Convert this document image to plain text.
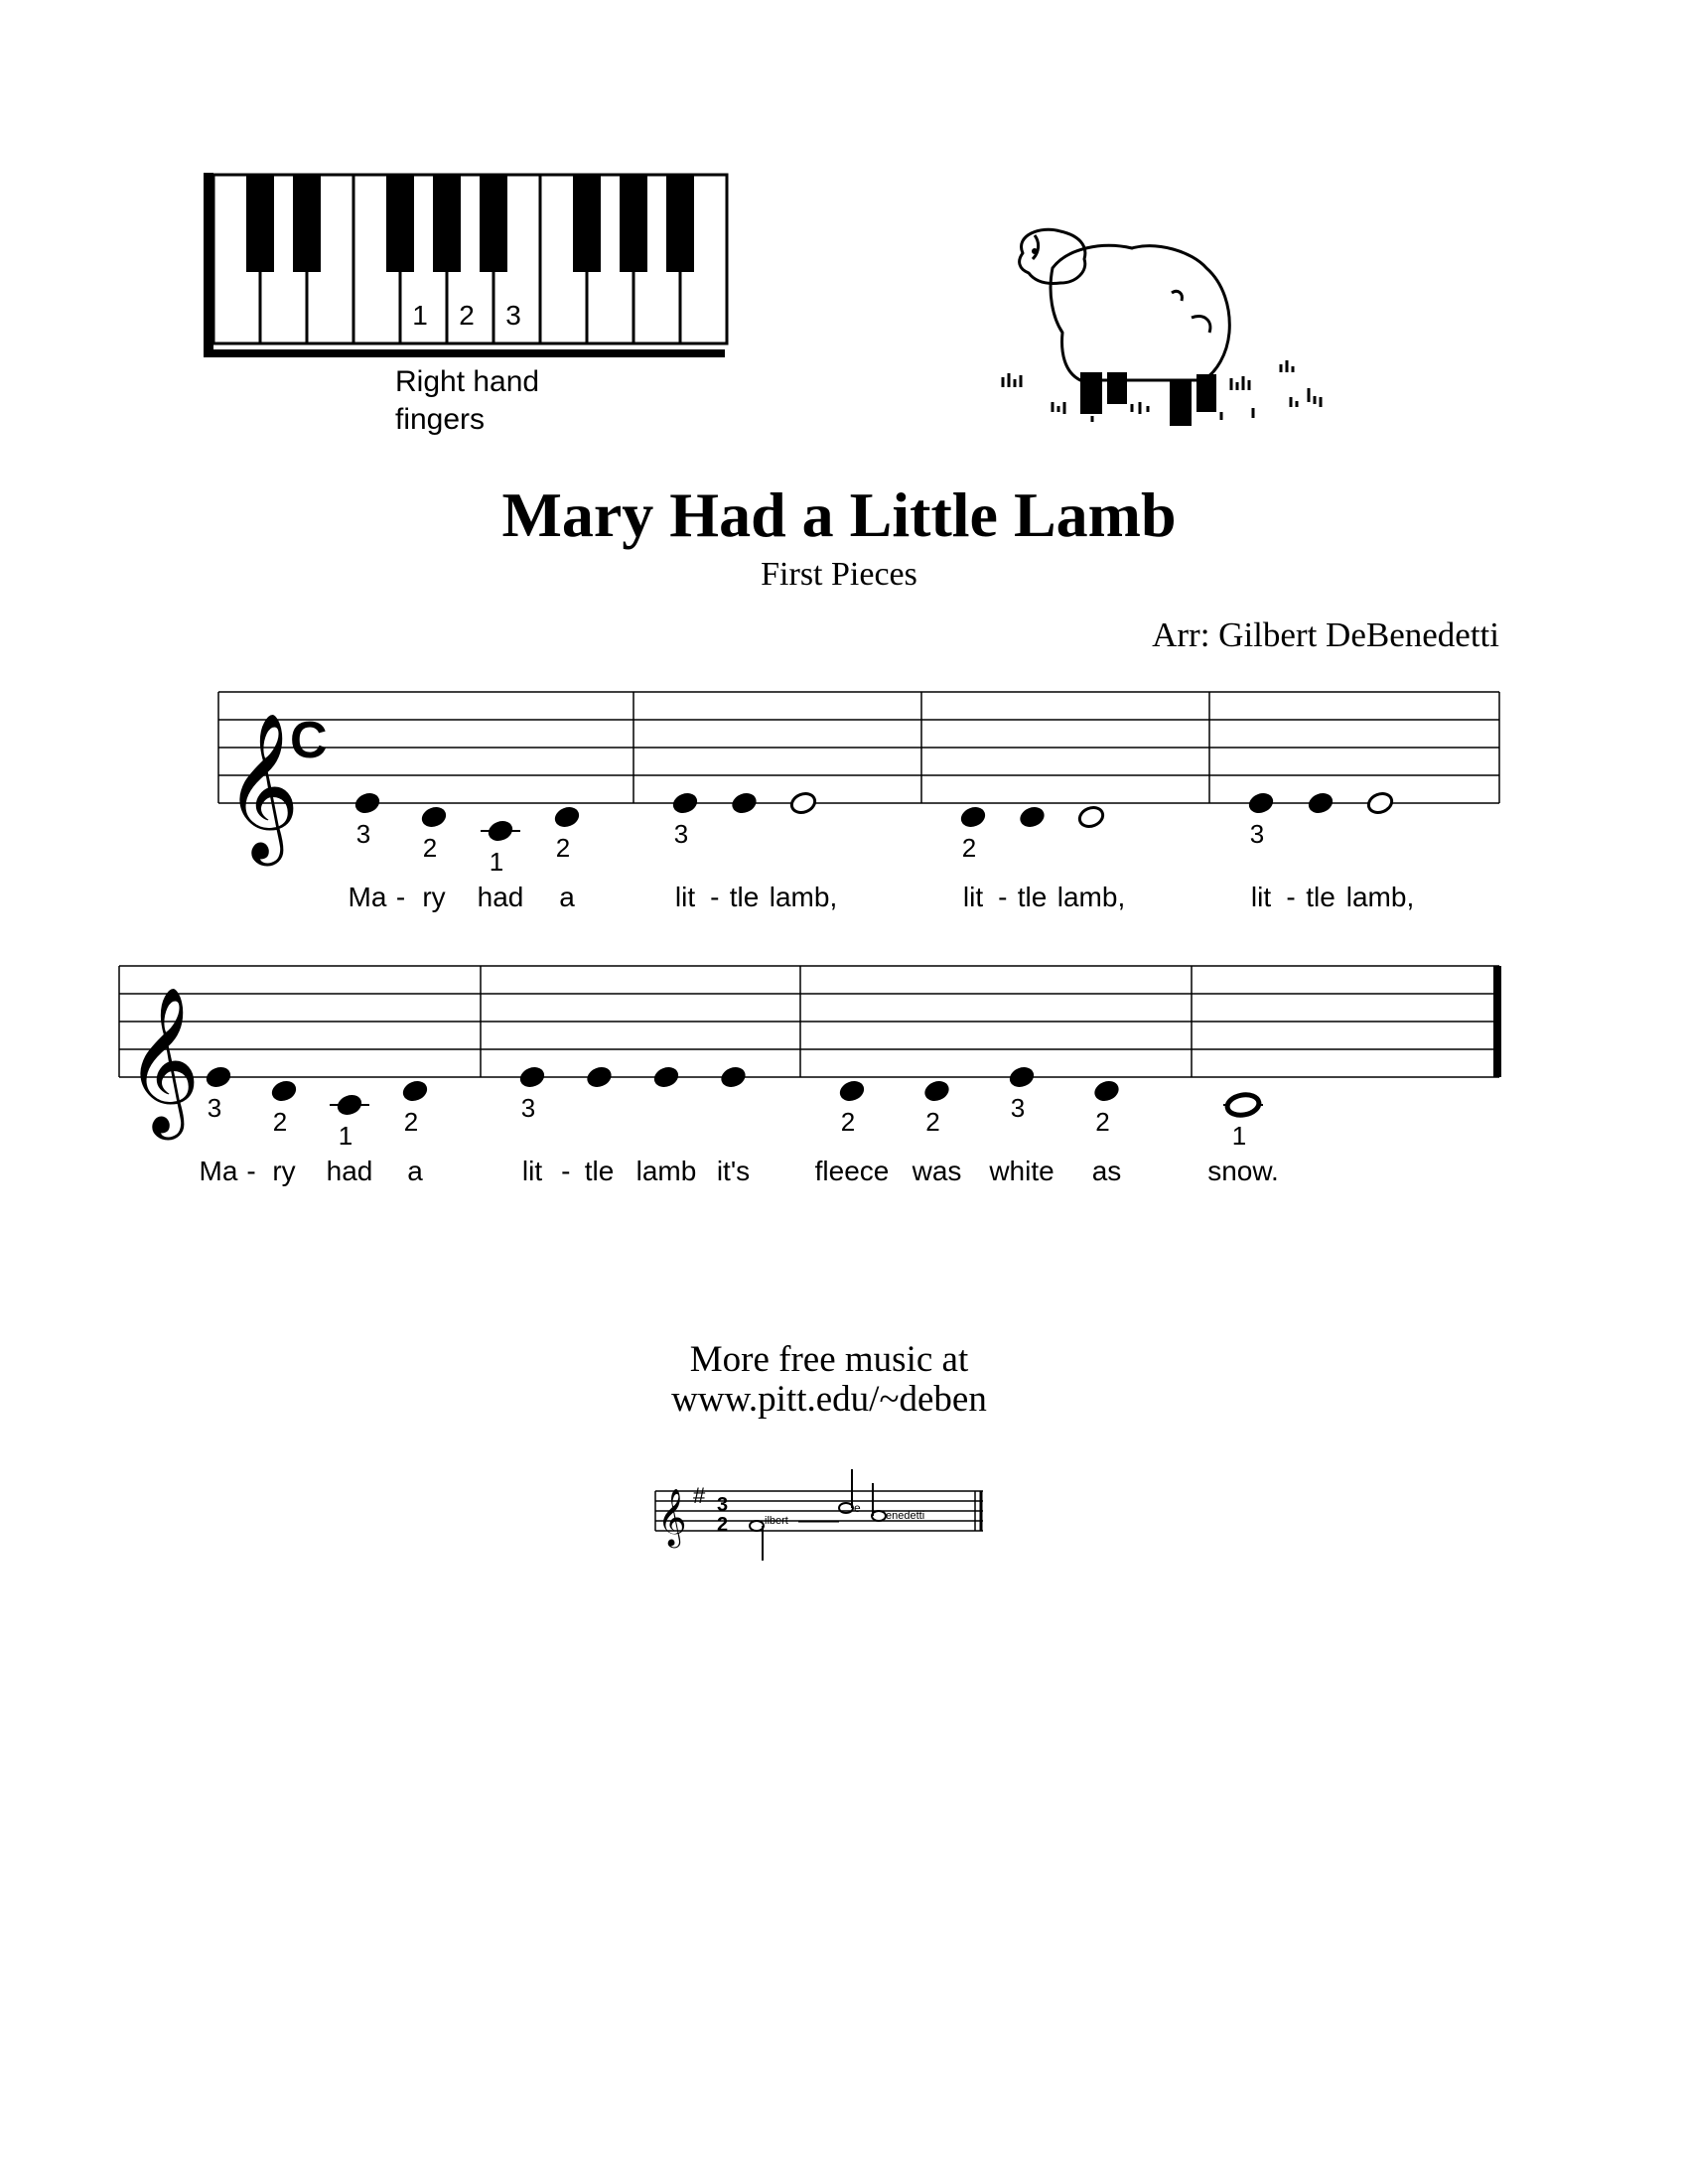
1 2 3
Right hand
fingers
Mary Had a Little Lamb
First Pieces
Arr: Gilbert DeBenedetti
𝄞
C
3
Ma -
2
ry
1
had
2
a
3
lit - tle lamb,
2
lit - tle lamb,
3
lit - tle lamb,
𝄞 3
Ma -
2
ry
1
had
2
a
3
lit - tle lamb it's
2
fleece
2
was
3
white
2
as
1
snow.
More free music at
www.pitt.edu/~deben
𝄞 # 3
2	ilbert
e
enedetti
